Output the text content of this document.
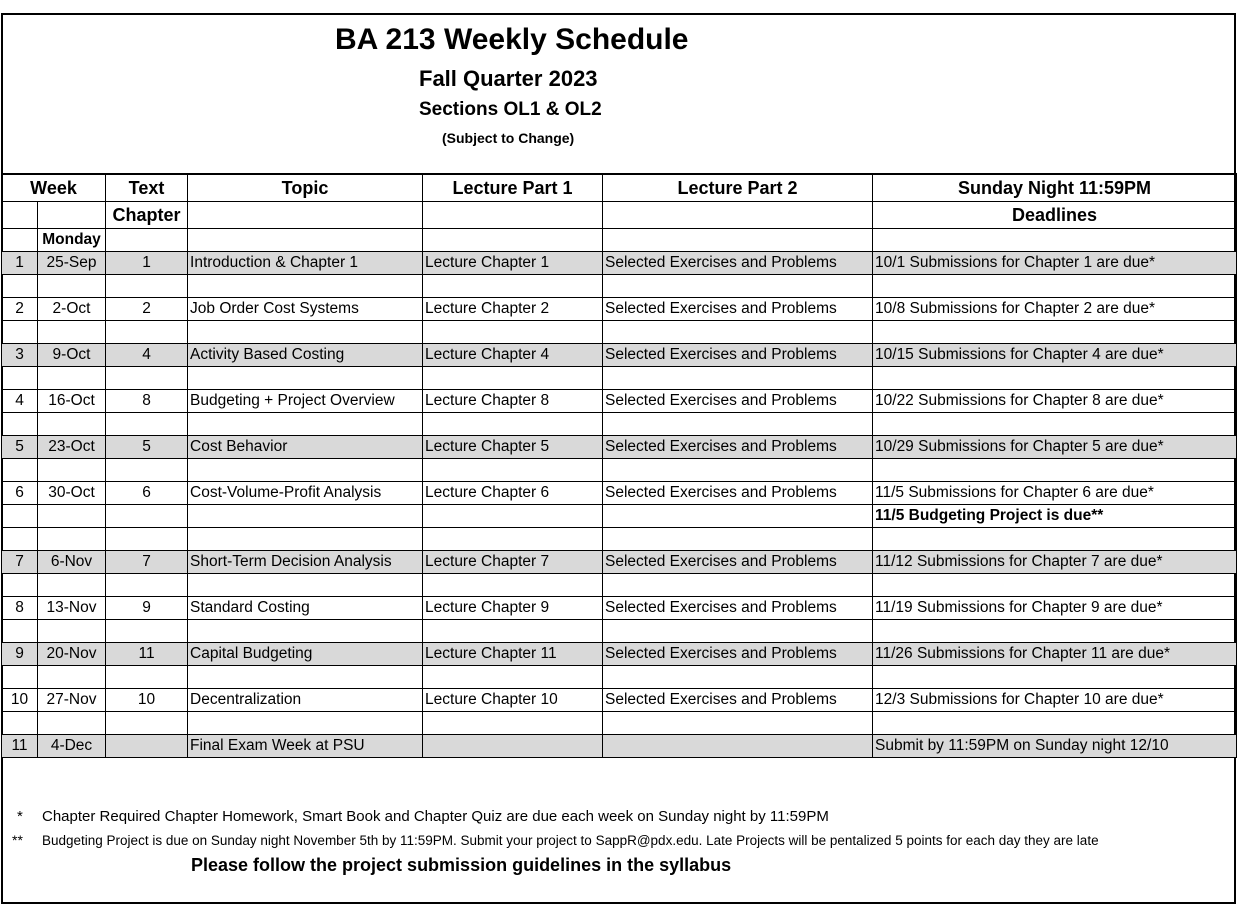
BA 213 Weekly Schedule
Fall Quarter 2023
Sections OL1 & OL2
(Subject to Change)
Week		Text	Topic	Lecture Part 1	Lecture Part 2	Sunday Night 11:59PM
		Chapter				Deadlines
	Monday					
1	25-Sep	1	Introduction & Chapter 1	Lecture Chapter 1	Selected Exercises and Problems	10/1 Submissions for Chapter 1 are due*

2	2-Oct	2	Job Order Cost Systems	Lecture Chapter 2	Selected Exercises and Problems	10/8 Submissions for Chapter 2 are due*

3	9-Oct	4	Activity Based Costing	Lecture Chapter 4	Selected Exercises and Problems	10/15 Submissions for Chapter 4 are due*

4	16-Oct	8	Budgeting + Project Overview	Lecture Chapter 8	Selected Exercises and Problems	10/22 Submissions for Chapter 8 are due*

5	23-Oct	5	Cost Behavior	Lecture Chapter 5	Selected Exercises and Problems	10/29 Submissions for Chapter 5 are due*

6	30-Oct	6	Cost-Volume-Profit Analysis	Lecture Chapter 6	Selected Exercises and Problems	11/5 Submissions for Chapter 6 are due*
						11/5 Budgeting Project is due**

7	6-Nov	7	Short-Term Decision Analysis	Lecture Chapter 7	Selected Exercises and Problems	11/12 Submissions for Chapter 7 are due*

8	13-Nov	9	Standard Costing	Lecture Chapter 9	Selected Exercises and Problems	11/19 Submissions for Chapter 9 are due*

9	20-Nov	11	Capital Budgeting	Lecture Chapter 11	Selected Exercises and Problems	11/26 Submissions for Chapter 11 are due*

10	27-Nov	10	Decentralization	Lecture Chapter 10	Selected Exercises and Problems	12/3 Submissions for Chapter 10 are due*

11	4-Dec		Final Exam Week at PSU			Submit by 11:59PM on Sunday night 12/10
* Chapter Required Chapter Homework, Smart Book and Chapter Quiz are due each week on Sunday night by 11:59PM
** Budgeting Project is due on Sunday night November 5th by 11:59PM. Submit your project to SappR@pdx.edu. Late Projects will be pentalized 5 points for each day they are late
Please follow the project submission guidelines in the syllabus
